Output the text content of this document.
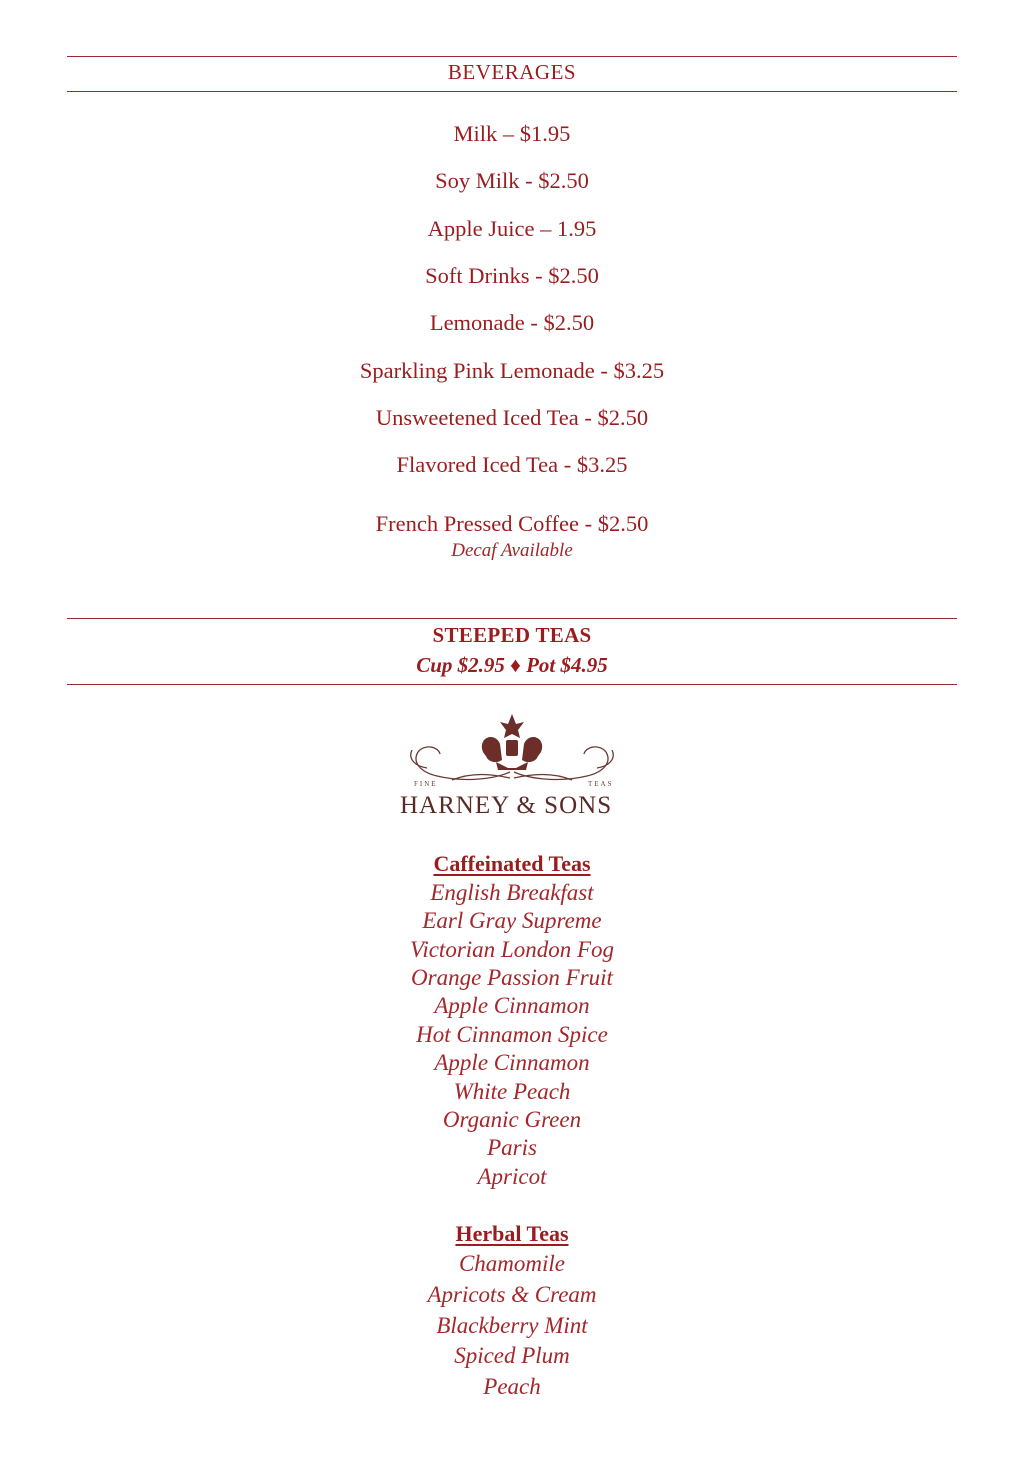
BEVERAGES
Milk – $1.95
Soy Milk - $2.50
Apple Juice – 1.95
Soft Drinks - $2.50
Lemonade - $2.50
Sparkling Pink Lemonade - $3.25
Unsweetened Iced Tea - $2.50
Flavored Iced Tea - $3.25
French Pressed Coffee - $2.50
Decaf Available
STEEPED TEAS
Cup $2.95 ♦ Pot $4.95
FINE	TEAS
HARNEY & SONS
Caffeinated Teas
English Breakfast
Earl Gray Supreme
Victorian London Fog
Orange Passion Fruit
Apple Cinnamon
Hot Cinnamon Spice
Apple Cinnamon
White Peach
Organic Green
Paris
Apricot
Herbal Teas
Chamomile
Apricots & Cream
Blackberry Mint
Spiced Plum
Peach
